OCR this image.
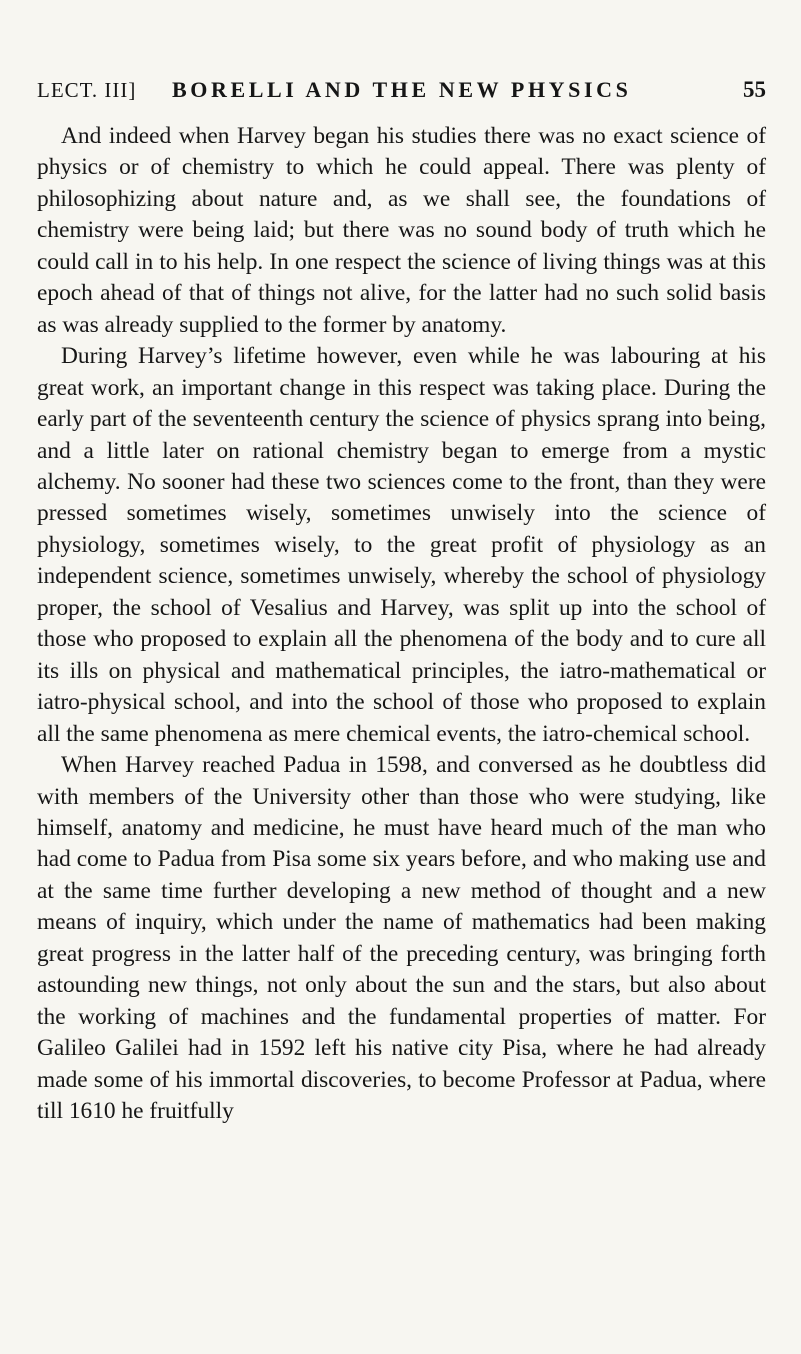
LECT. III] BORELLI AND THE NEW PHYSICS	55

And indeed when Harvey began his studies there was no exact science of physics or of chemistry to which he could appeal. There was plenty of philosophizing about nature and, as we shall see, the foundations of chemistry were being laid; but there was no sound body of truth which he could call in to his help. In one respect the science of living things was at this epoch ahead of that of things not alive, for the latter had no such solid basis as was already supplied to the former by anatomy.

During Harvey’s lifetime however, even while he was labouring at his great work, an important change in this respect was taking place. During the early part of the seventeenth century the science of physics sprang into being, and a little later on rational chemistry began to emerge from a mystic alchemy. No sooner had these two sciences come to the front, than they were pressed sometimes wisely, sometimes unwisely into the science of physiology, sometimes wisely, to the great profit of physiology as an independent science, sometimes unwisely, whereby the school of physiology proper, the school of Vesalius and Harvey, was split up into the school of those who proposed to explain all the phenomena of the body and to cure all its ills on physical and mathematical principles, the iatro-mathematical or iatro-physical school, and into the school of those who proposed to explain all the same phenomena as mere chemical events, the iatro-chemical school.

When Harvey reached Padua in 1598, and conversed as he doubtless did with members of the University other than those who were studying, like himself, anatomy and medicine, he must have heard much of the man who had come to Padua from Pisa some six years before, and who making use and at the same time further developing a new method of thought and a new means of inquiry, which under the name of mathematics had been making great progress in the latter half of the preceding century, was bringing forth astounding new things, not only about the sun and the stars, but also about the working of machines and the fundamental properties of matter. For Galileo Galilei had in 1592 left his native city Pisa, where he had already made some of his immortal discoveries, to become Professor at Padua, where till 1610 he fruitfully
